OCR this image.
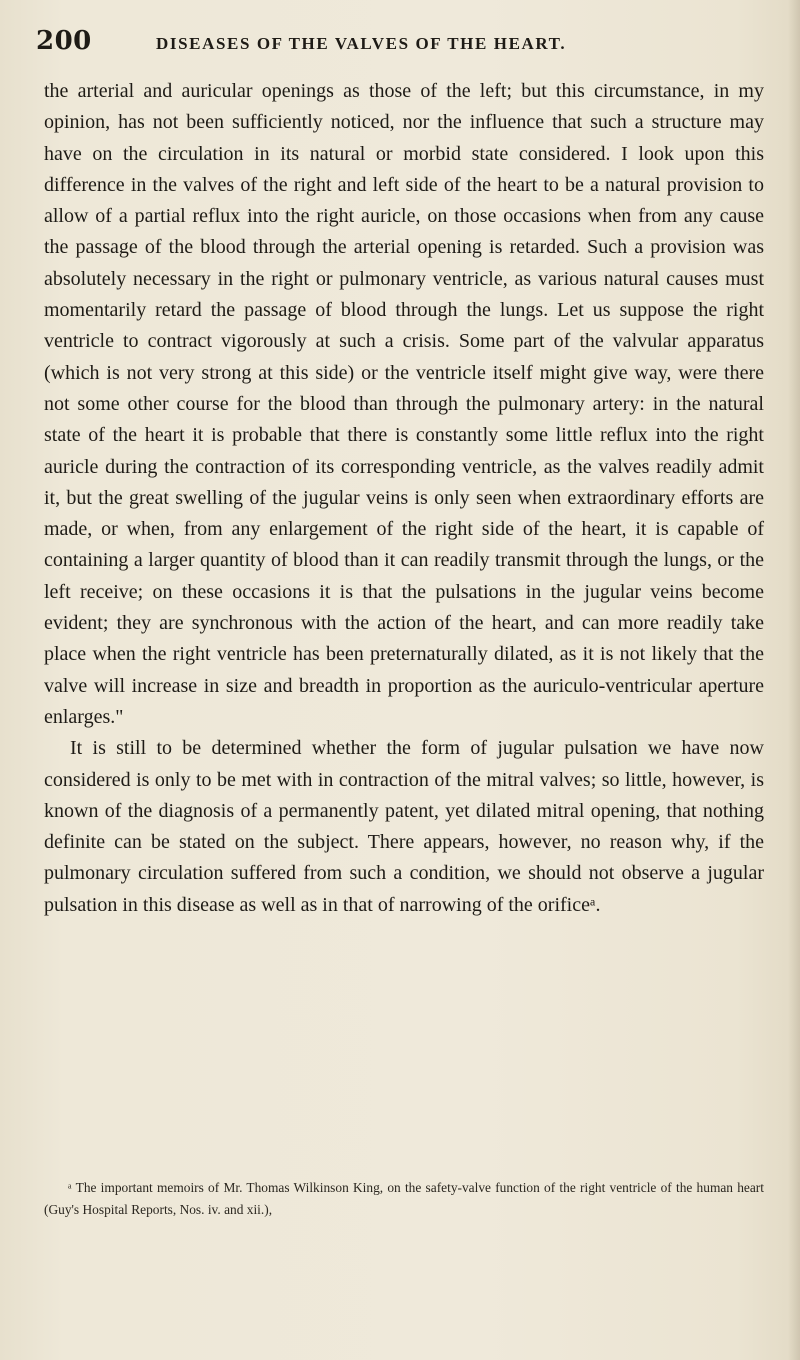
200	DISEASES OF THE VALVES OF THE HEART.

the arterial and auricular openings as those of the left; but this circumstance, in my opinion, has not been sufficiently noticed, nor the influence that such a structure may have on the circulation in its natural or morbid state considered. I look upon this difference in the valves of the right and left side of the heart to be a natural provision to allow of a partial reflux into the right auricle, on those occasions when from any cause the passage of the blood through the arterial opening is retarded. Such a provision was absolutely necessary in the right or pulmonary ventricle, as various natural causes must momentarily retard the passage of blood through the lungs. Let us suppose the right ventricle to contract vigorously at such a crisis. Some part of the valvular apparatus (which is not very strong at this side) or the ventricle itself might give way, were there not some other course for the blood than through the pulmonary artery: in the natural state of the heart it is probable that there is constantly some little reflux into the right auricle during the contraction of its corresponding ventricle, as the valves readily admit it, but the great swelling of the jugular veins is only seen when extraordinary efforts are made, or when, from any enlargement of the right side of the heart, it is capable of containing a larger quantity of blood than it can readily transmit through the lungs, or the left receive; on these occasions it is that the pulsations in the jugular veins become evident; they are synchronous with the action of the heart, and can more readily take place when the right ventricle has been preternaturally dilated, as it is not likely that the valve will increase in size and breadth in proportion as the auriculo-ventricular aperture enlarges."

It is still to be determined whether the form of jugular pulsation we have now considered is only to be met with in contraction of the mitral valves; so little, however, is known of the diagnosis of a permanently patent, yet dilated mitral opening, that nothing definite can be stated on the subject. There appears, however, no reason why, if the pulmonary circulation suffered from such a condition, we should not observe a jugular pulsation in this disease as well as in that of narrowing of the orificeᵃ.

ᵃ The important memoirs of Mr. Thomas Wilkinson King, on the safety-valve function of the right ventricle of the human heart (Guy's Hospital Reports, Nos. iv. and xii.),
